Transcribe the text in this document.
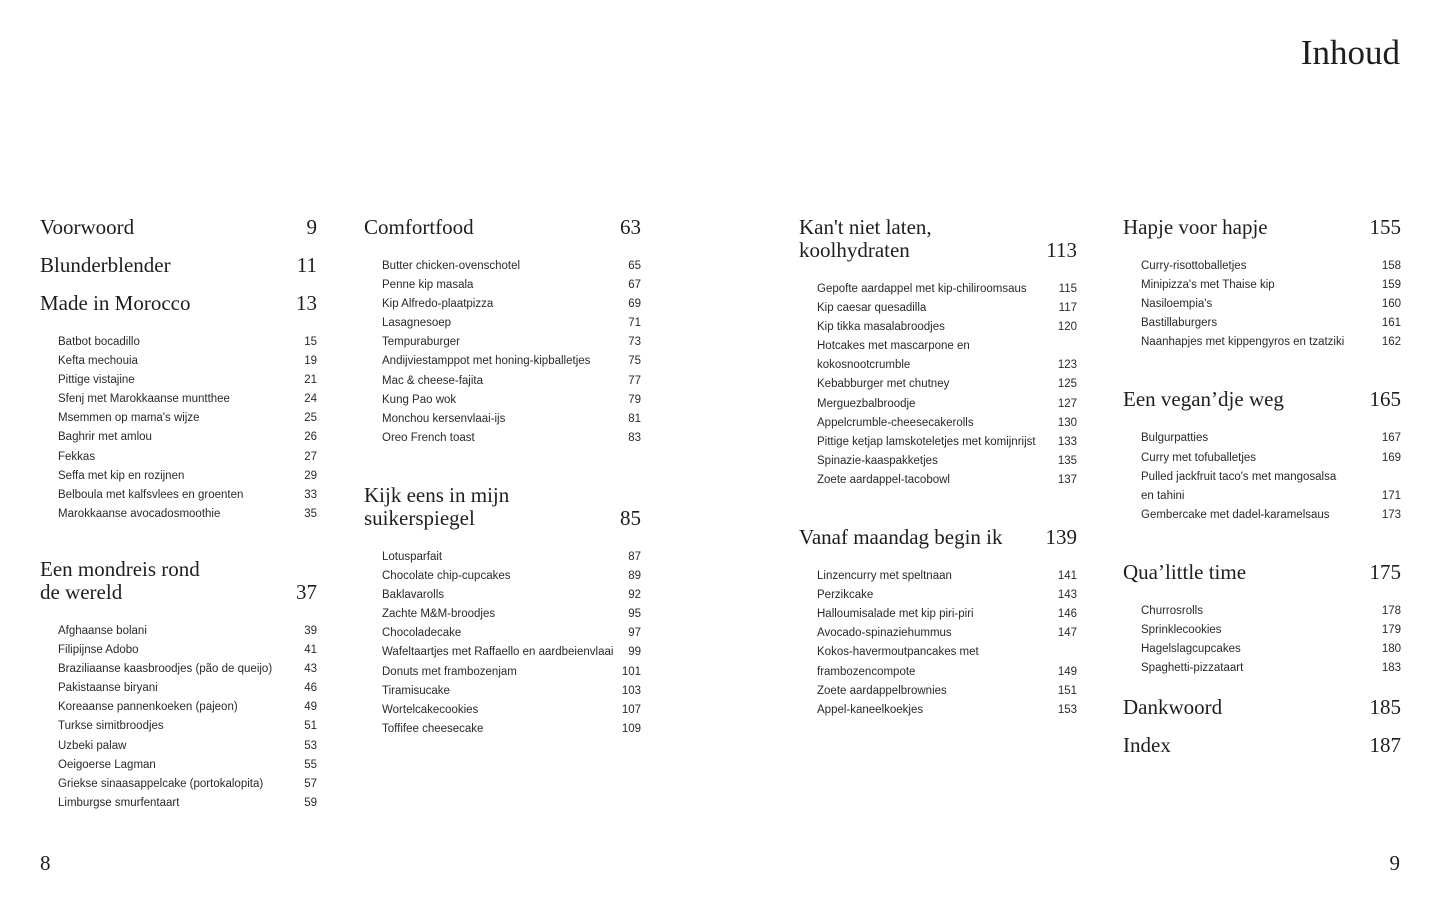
Inhoud
Voorwoord	9
Blunderblender	11
Made in Morocco	13
Batbot bocadillo	15
Kefta mechouia	19
Pittige vistajine	21
Sfenj met Marokkaanse muntthee	24
Msemmen op mama's wijze	25
Baghrir met amlou	26
Fekkas	27
Seffa met kip en rozijnen	29
Belboula met kalfsvlees en groenten	33
Marokkaanse avocadosmoothie	35
Een mondreis rond
de wereld	37
Afghaanse bolani	39
Filipijnse Adobo	41
Braziliaanse kaasbroodjes (pão de queijo)	43
Pakistaanse biryani	46
Koreaanse pannenkoeken (pajeon)	49
Turkse simitbroodjes	51
Uzbeki palaw	53
Oeigoerse Lagman	55
Griekse sinaasappelcake (portokalopita)	57
Limburgse smurfentaart	59
Comfortfood	63
Butter chicken-ovenschotel	65
Penne kip masala	67
Kip Alfredo-plaatpizza	69
Lasagnesoep	71
Tempuraburger	73
Andijviestamppot met honing-kipballetjes	75
Mac & cheese-fajita	77
Kung Pao wok	79
Monchou kersenvlaai-ijs	81
Oreo French toast	83
Kijk eens in mijn
suikerspiegel	85
Lotusparfait	87
Chocolate chip-cupcakes	89
Baklavarolls	92
Zachte M&M-broodjes	95
Chocoladecake	97
Wafeltaartjes met Raffaello en aardbeienvlaai 99
Donuts met frambozenjam	101
Tiramisucake	103
Wortelcakecookies	107
Toffifee cheesecake	109
Kan't niet laten,
koolhydraten	113
Gepofte aardappel met kip-chiliroomsaus	115
Kip caesar quesadilla	117
Kip tikka masalabroodjes	120
Hotcakes met mascarpone en
kokosnootcrumble	123
Kebabburger met chutney	125
Merguezbalbroodje	127
Appelcrumble-cheesecakerolls	130
Pittige ketjap lamskoteletjes met komijnrijst 133
Spinazie-kaaspakketjes	135
Zoete aardappel-tacobowl	137
Vanaf maandag begin ik 139
Linzencurry met speltnaan	141
Perzikcake	143
Halloumisalade met kip piri-piri	146
Avocado-spinaziehummus	147
Kokos-havermoutpancakes met
frambozencompote	149
Zoete aardappelbrownies	151
Appel-kaneelkoekjes	153
Hapje voor hapje	155
Curry-risottoballetjes	158
Minipizza's met Thaise kip	159
Nasiloempia's	160
Bastillaburgers	161
Naanhapjes met kippengyros en tzatziki	162
Een vegan’dje weg	165
Bulgurpatties	167
Curry met tofuballetjes	169
Pulled jackfruit taco's met mangosalsa
en tahini	171
Gembercake met dadel-karamelsaus	173
Qua’little time	175
Churrosrolls	178
Sprinklecookies	179
Hagelslagcupcakes	180
Spaghetti-pizzataart	183
Dankwoord	185
Index	187
8	9
